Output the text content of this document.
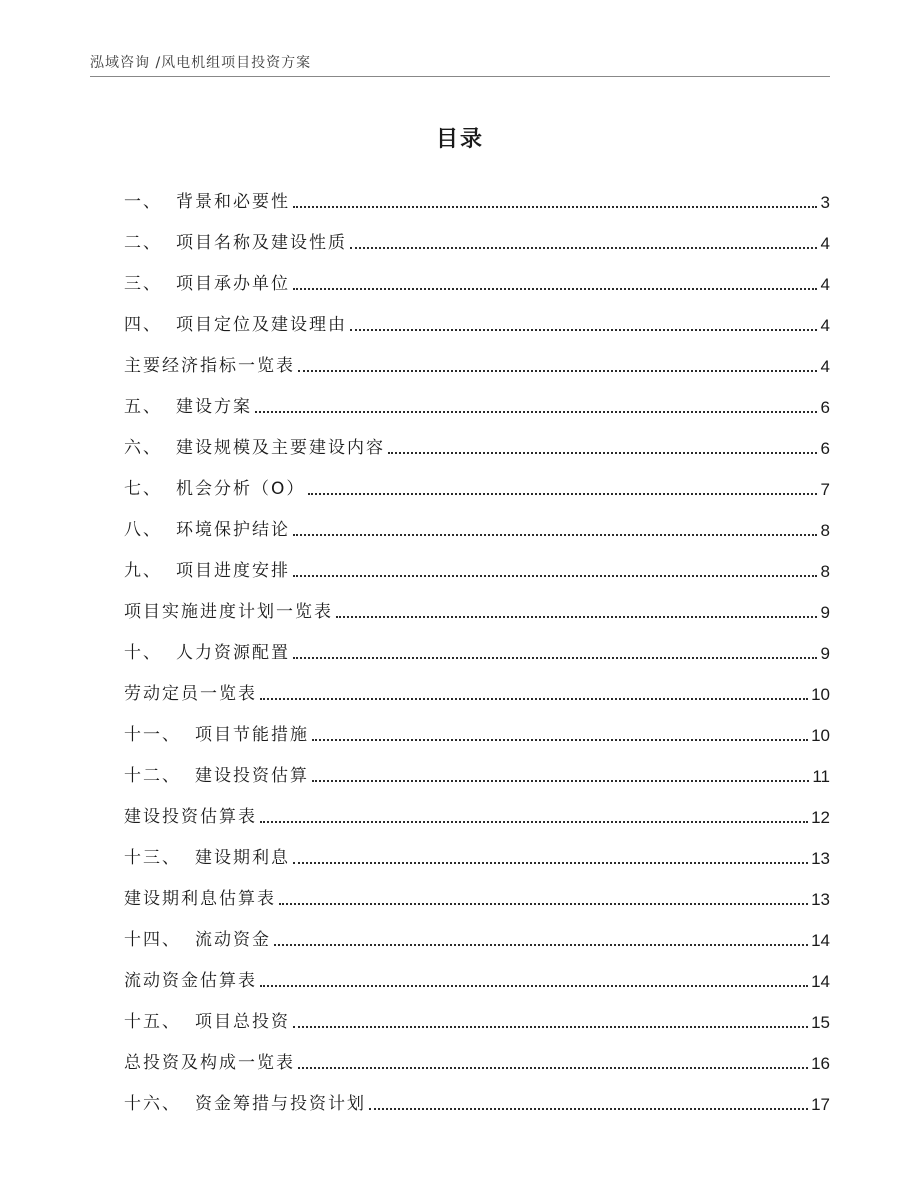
泓域咨询 /风电机组项目投资方案
目录
一、 背景和必要性	3
二、 项目名称及建设性质	4
三、 项目承办单位	4
四、 项目定位及建设理由	4
主要经济指标一览表	4
五、 建设方案	6
六、 建设规模及主要建设内容	6
七、 机会分析（O）	7
八、 环境保护结论	8
九、 项目进度安排	8
项目实施进度计划一览表	9
十、 人力资源配置	9
劳动定员一览表	10
十一、 项目节能措施	10
十二、 建设投资估算	11
建设投资估算表	12
十三、 建设期利息	13
建设期利息估算表	13
十四、 流动资金	14
流动资金估算表	14
十五、 项目总投资	15
总投资及构成一览表	16
十六、 资金筹措与投资计划	17
